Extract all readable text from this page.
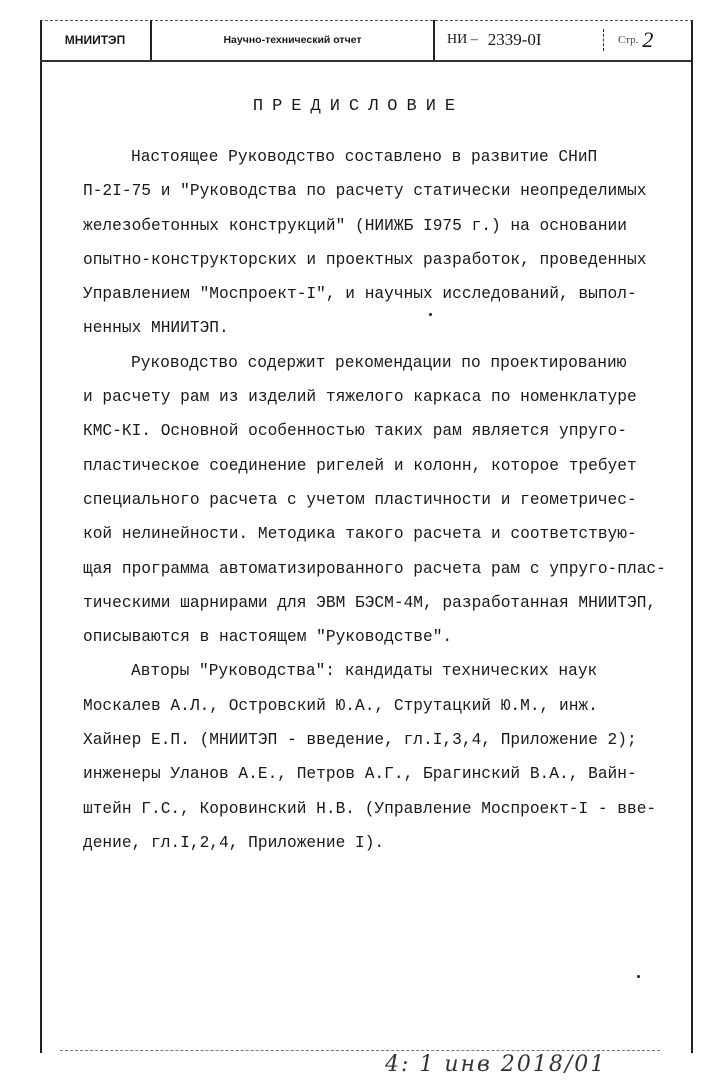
МНИИТЭП	Научно-технический отчет	НИ – 2339-0I	Стр. 2
ПРЕДИСЛОВИЕ
Настоящее Руководство составлено в развитие СНиП
П-2I-75 и "Руководства по расчету статически неопределимых
железобетонных конструкций" (НИИЖБ I975 г.) на основании
опытно-конструкторских и проектных разработок, проведенных
Управлением "Моспроект-I", и научных исследований, выпол-
ненных МНИИТЭП.
Руководство содержит рекомендации по проектированию
и расчету рам из изделий тяжелого каркаса по номенклатуре
КМС-КI. Основной особенностью таких рам является упруго-
пластическое соединение ригелей и колонн, которое требует
специального расчета с учетом пластичности и геометричес-
кой нелинейности. Методика такого расчета и соответствую-
щая программа автоматизированного расчета рам с упруго-плас-
тическими шарнирами для ЭВМ БЭСМ-4М, разработанная МНИИТЭП,
описываются в настоящем "Руководстве".
Авторы "Руководства": кандидаты технических наук
Москалев А.Л., Островский Ю.А., Струтацкий Ю.М., инж.
Хайнер Е.П. (МНИИТЭП - введение, гл.I,3,4, Приложение 2);
инженеры Уланов А.Е., Петров А.Г., Брагинский В.А., Вайн-
штейн Г.С., Коровинский Н.В. (Управление Моспроект-I - вве-
дение, гл.I,2,4, Приложение I).
4: 1 инв 2018/01
